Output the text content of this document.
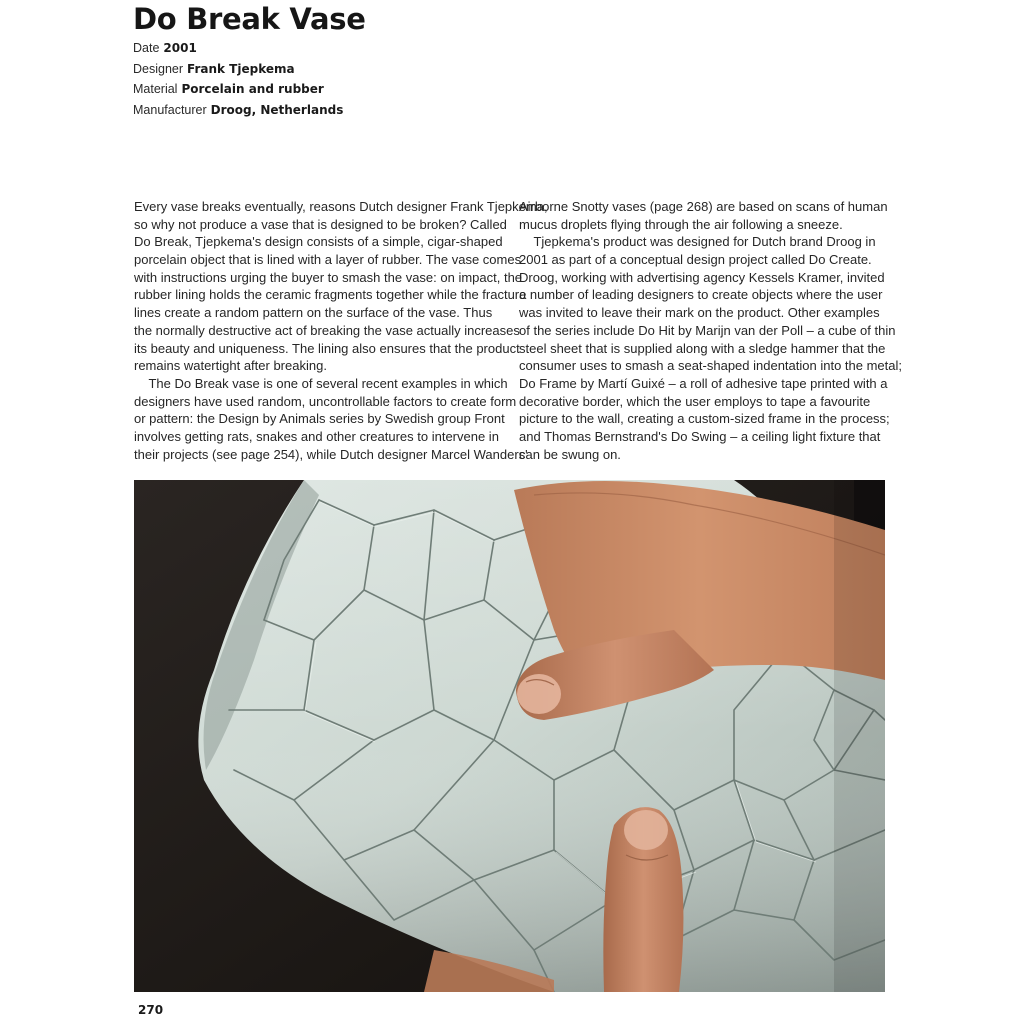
Do Break Vase
Date 2001
Designer Frank Tjepkema
Material Porcelain and rubber
Manufacturer Droog, Netherlands
Every vase breaks eventually, reasons Dutch designer Frank Tjepkema,
so why not produce a vase that is designed to be broken? Called
Do Break, Tjepkema's design consists of a simple, cigar-shaped
porcelain object that is lined with a layer of rubber. The vase comes
with instructions urging the buyer to smash the vase: on impact, the
rubber lining holds the ceramic fragments together while the fracture
lines create a random pattern on the surface of the vase. Thus
the normally destructive act of breaking the vase actually increases
its beauty and uniqueness. The lining also ensures that the product
remains watertight after breaking.
The Do Break vase is one of several recent examples in which
designers have used random, uncontrollable factors to create form
or pattern: the Design by Animals series by Swedish group Front
involves getting rats, snakes and other creatures to intervene in
their projects (see page 254), while Dutch designer Marcel Wanders'
Airborne Snotty vases (page 268) are based on scans of human
mucus droplets flying through the air following a sneeze.
Tjepkema's product was designed for Dutch brand Droog in
2001 as part of a conceptual design project called Do Create.
Droog, working with advertising agency Kessels Kramer, invited
a number of leading designers to create objects where the user
was invited to leave their mark on the product. Other examples
of the series include Do Hit by Marijn van der Poll – a cube of thin
steel sheet that is supplied along with a sledge hammer that the
consumer uses to smash a seat-shaped indentation into the metal;
Do Frame by Martí Guixé – a roll of adhesive tape printed with a
decorative border, which the user employs to tape a favourite
picture to the wall, creating a custom-sized frame in the process;
and Thomas Bernstrand's Do Swing – a ceiling light fixture that
can be swung on.
270
